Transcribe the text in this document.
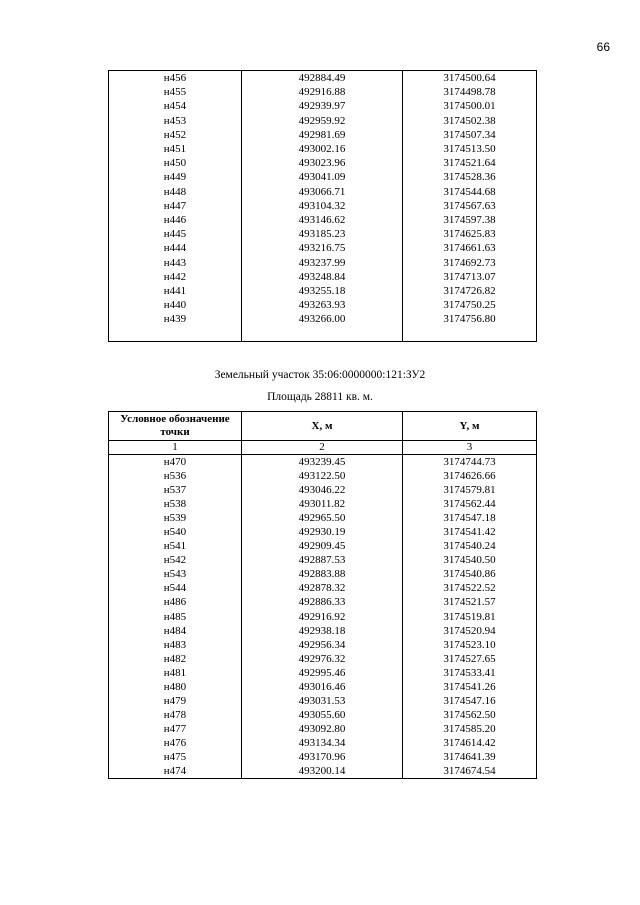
66
н456	492884.49	3174500.64
н455	492916.88	3174498.78
н454	492939.97	3174500.01
н453	492959.92	3174502.38
н452	492981.69	3174507.34
н451	493002.16	3174513.50
н450	493023.96	3174521.64
н449	493041.09	3174528.36
н448	493066.71	3174544.68
н447	493104.32	3174567.63
н446	493146.62	3174597.38
н445	493185.23	3174625.83
н444	493216.75	3174661.63
н443	493237.99	3174692.73
н442	493248.84	3174713.07
н441	493255.18	3174726.82
н440	493263.93	3174750.25
н439	493266.00	3174756.80

Земельный участок 35:06:0000000:121:ЗУ2
Площадь 28811 кв. м.
Условное обозначение точки	X, м	Y, м
1	2	3
н470	493239.45	3174744.73
н536	493122.50	3174626.66
н537	493046.22	3174579.81
н538	493011.82	3174562.44
н539	492965.50	3174547.18
н540	492930.19	3174541.42
н541	492909.45	3174540.24
н542	492887.53	3174540.50
н543	492883.88	3174540.86
н544	492878.32	3174522.52
н486	492886.33	3174521.57
н485	492916.92	3174519.81
н484	492938.18	3174520.94
н483	492956.34	3174523.10
н482	492976.32	3174527.65
н481	492995.46	3174533.41
н480	493016.46	3174541.26
н479	493031.53	3174547.16
н478	493055.60	3174562.50
н477	493092.80	3174585.20
н476	493134.34	3174614.42
н475	493170.96	3174641.39
н474	493200.14	3174674.54
